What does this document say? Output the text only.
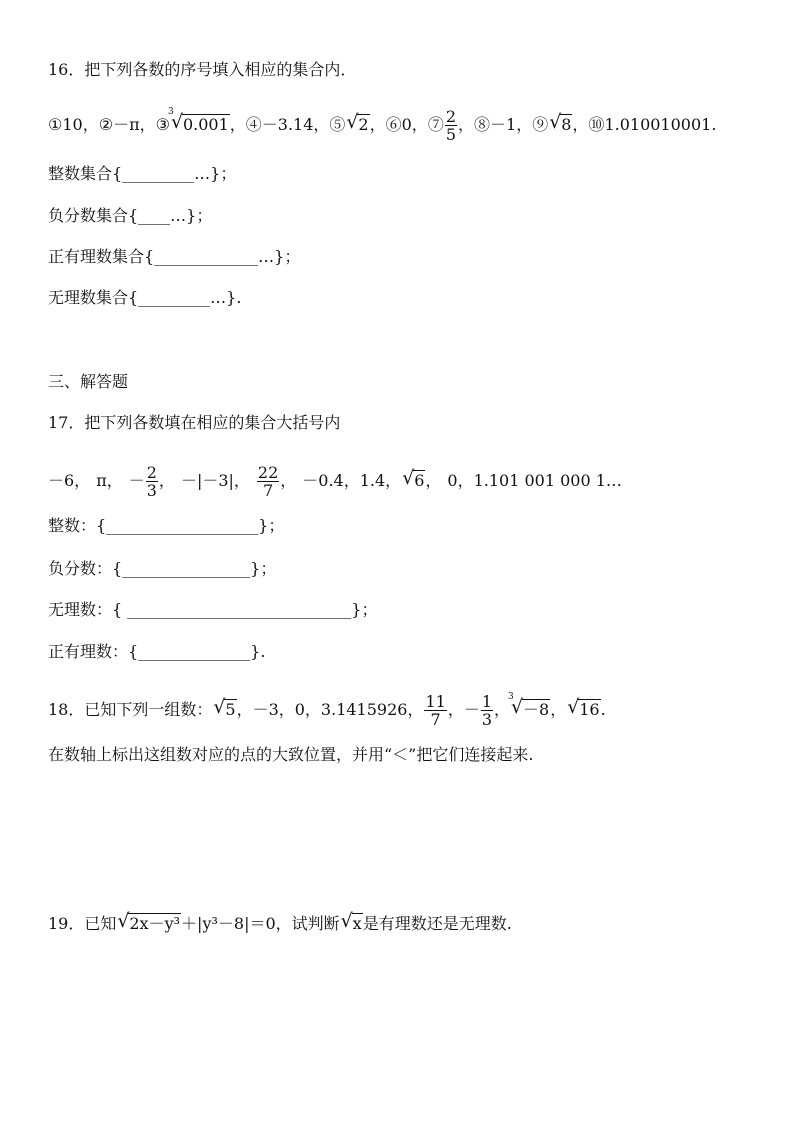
16．把下列各数的序号填入相应的集合内．
①10，②－π，③
3
√ 0.001，④－3.14，⑤ √ 2，⑥0，⑦ $\frac{2}{5}$ ，⑧－1，⑨ √ 8，⑩1.010010001.
整数集合{_________…}；
负分数集合{____…}；
正有理数集合{_____________…}；
无理数集合{_________…}.
三、解答题
17．把下列各数填在相应的集合大括号内
－6， π， － $\frac{2}{3}$ ， －|－3|， $\frac{22}{7}$ ， －0.4，1.4， √ 6， 0，1.101 001 000 1…
整数：{___________________}；
负分数：{________________}；
无理数：{ ____________________________}；
正有理数：{______________}.
18．已知下列一组数： √ 5，－3，0，3.1415926， $\frac{11}{7}$ ，－ $\frac{1}{3}$ ，
3
√ －8， √ 16.
在数轴上标出这组数对应的点的大致位置，并用“＜”把它们连接起来.
19．已知 √ 2x－y³＋|y³－8|＝0，试判断 √ x是有理数还是无理数.
